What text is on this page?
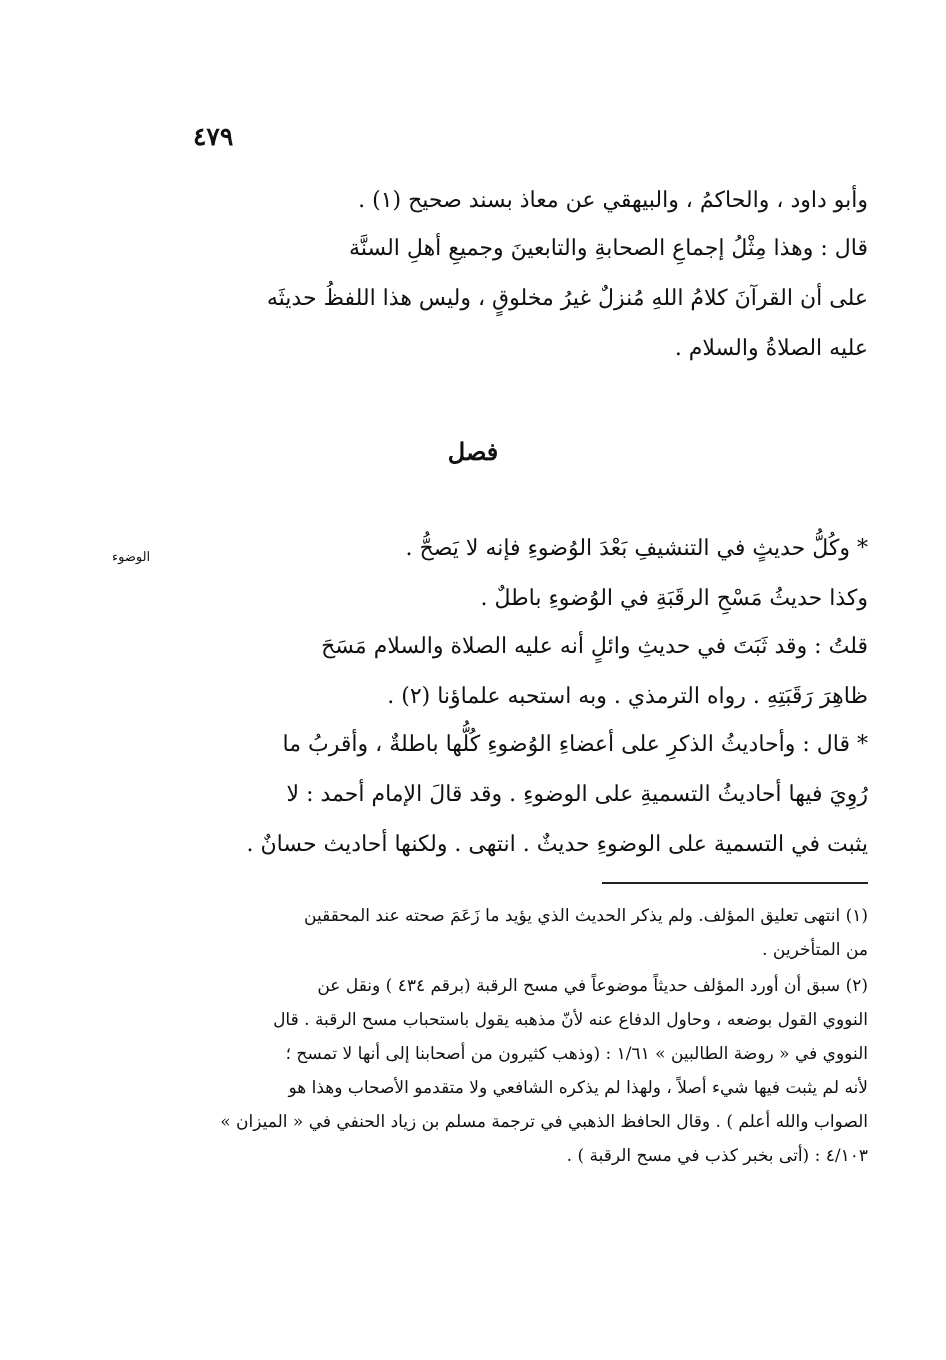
٤٧٩
وأبو داود ، والحاكمُ ، والبيهقي عن معاذ بسند صحيح (١) .
قال : وهذا مِثْلُ إجماعِ الصحابةِ والتابعينَ وجميعِ أهلِ السنَّة
على أن القرآنَ كلامُ اللهِ مُنزلٌ غيرُ مخلوقٍ ، وليس هذا اللفظُ حديثَه
عليه الصلاةُ والسلام .
* وكُلُّ حديثٍ في التنشيفِ بَعْدَ الوُضوءِ فإنه لا يَصحُّ .
وكذا حديثُ مَسْحِ الرقَبَةِ في الوُضوءِ باطلٌ .
قلتُ : وقد ثَبَتَ في حديثِ وائلٍ أنه عليه الصلاة والسلام مَسَحَ
ظاهِرَ رَقَبَتِهِ . رواه الترمذي . وبه استحبه علماؤنا (٢) .
* قال : وأحاديثُ الذكرِ على أعضاءِ الوُضوءِ كُلُّها باطلةٌ ، وأقربُ ما
رُوِيَ فيها أحاديثُ التسميةِ على الوضوءِ . وقد قالَ الإمام أحمد : لا
يثبت في التسمية على الوضوءِ حديثٌ . انتهى . ولكنها أحاديث حسانٌ .
فصل
الوضوء
(١) انتهى تعليق المؤلف. ولم يذكر الحديث الذي يؤيد ما زَعَمَ صحته عند المحققين
من المتأخرين .
(٢) سبق أن أورد المؤلف حديثاً موضوعاً في مسح الرقبة (برقم ٤٣٤ ) ونقل عن
النووي القول بوضعه ، وحاول الدفاع عنه لأنّ مذهبه يقول باستحباب مسح الرقبة . قال
النووي في « روضة الطالبين » ١/٦١ : (وذهب كثيرون من أصحابنا إلى أنها لا تمسح ؛
لأنه لم يثبت فيها شيء أصلاً ، ولهذا لم يذكره الشافعي ولا متقدمو الأصحاب وهذا هو
الصواب والله أعلم ) . وقال الحافظ الذهبي في ترجمة مسلم بن زياد الحنفي في « الميزان »
٤/١٠٣ : (أتى بخبر كذب في مسح الرقبة ) .
